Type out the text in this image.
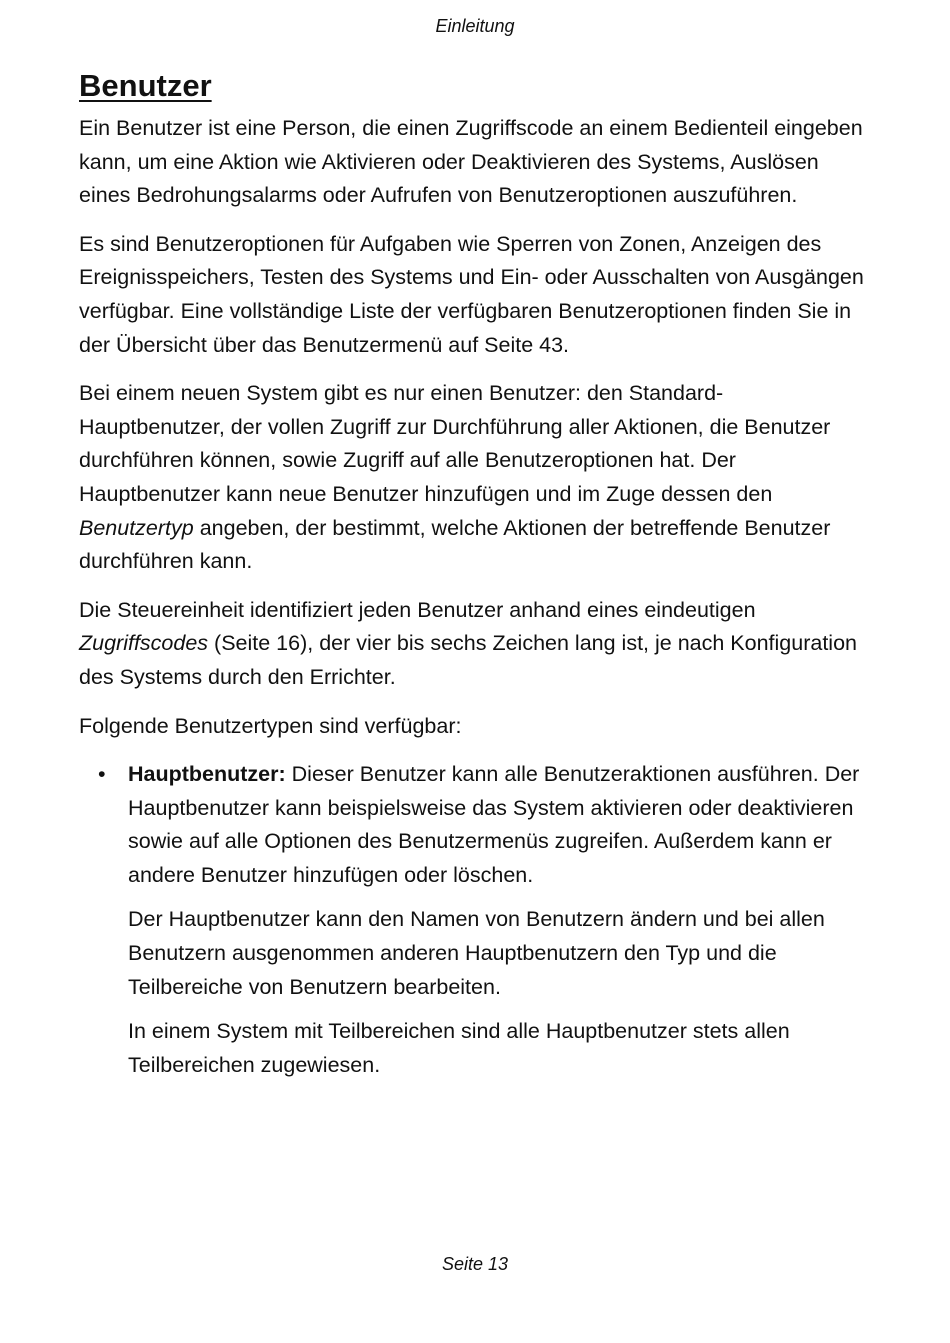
Einleitung
Benutzer

Ein Benutzer ist eine Person, die einen Zugriffscode an einem Bedienteil eingeben kann, um eine Aktion wie Aktivieren oder Deaktivieren des Systems, Auslösen eines Bedrohungsalarms oder Aufrufen von Benutzeroptionen auszuführen.

Es sind Benutzeroptionen für Aufgaben wie Sperren von Zonen, Anzeigen des Ereignisspeichers, Testen des Systems und Ein- oder Ausschalten von Ausgängen verfügbar. Eine vollständige Liste der verfügbaren Benutzeroptionen finden Sie in der Übersicht über das Benutzermenü auf Seite 43.

Bei einem neuen System gibt es nur einen Benutzer: den Standard-Hauptbenutzer, der vollen Zugriff zur Durchführung aller Aktionen, die Benutzer durchführen können, sowie Zugriff auf alle Benutzeroptionen hat. Der Hauptbenutzer kann neue Benutzer hinzufügen und im Zuge dessen den Benutzertyp angeben, der bestimmt, welche Aktionen der betreffende Benutzer durchführen kann.

Die Steuereinheit identifiziert jeden Benutzer anhand eines eindeutigen Zugriffscodes (Seite 16), der vier bis sechs Zeichen lang ist, je nach Konfiguration des Systems durch den Errichter.

Folgende Benutzertypen sind verfügbar:

• Hauptbenutzer: Dieser Benutzer kann alle Benutzeraktionen ausführen. Der Hauptbenutzer kann beispielsweise das System aktivieren oder deaktivieren sowie auf alle Optionen des Benutzermenüs zugreifen. Außerdem kann er andere Benutzer hinzufügen oder löschen.

Der Hauptbenutzer kann den Namen von Benutzern ändern und bei allen Benutzern ausgenommen anderen Hauptbenutzern den Typ und die Teilbereiche von Benutzern bearbeiten.

In einem System mit Teilbereichen sind alle Hauptbenutzer stets allen Teilbereichen zugewiesen.

Seite 13
